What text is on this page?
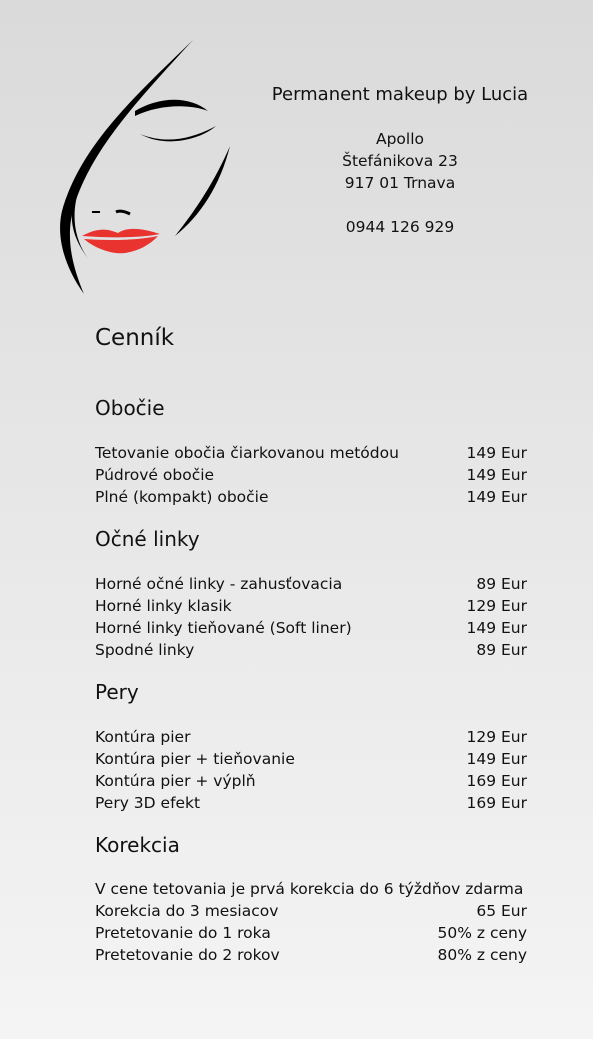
Permanent makeup by Lucia
Apollo
Štefánikova 23
917 01 Trnava
0944 126 929
Cenník
Obočie
Tetovanie obočia čiarkovanou metódou	149 Eur
Púdrové obočie	149 Eur
Plné (kompakt) obočie	149 Eur
Očné linky
Horné očné linky - zahusťovacia	89 Eur
Horné linky klasik	129 Eur
Horné linky tieňované (Soft liner)	149 Eur
Spodné linky	89 Eur
Pery
Kontúra pier	129 Eur
Kontúra pier + tieňovanie	149 Eur
Kontúra pier + výplň	169 Eur
Pery 3D efekt	169 Eur
Korekcia
V cene tetovania je prvá korekcia do 6 týždňov zdarma
Korekcia do 3 mesiacov	65 Eur
Pretetovanie do 1 roka	50% z ceny
Pretetovanie do 2 rokov	80% z ceny
